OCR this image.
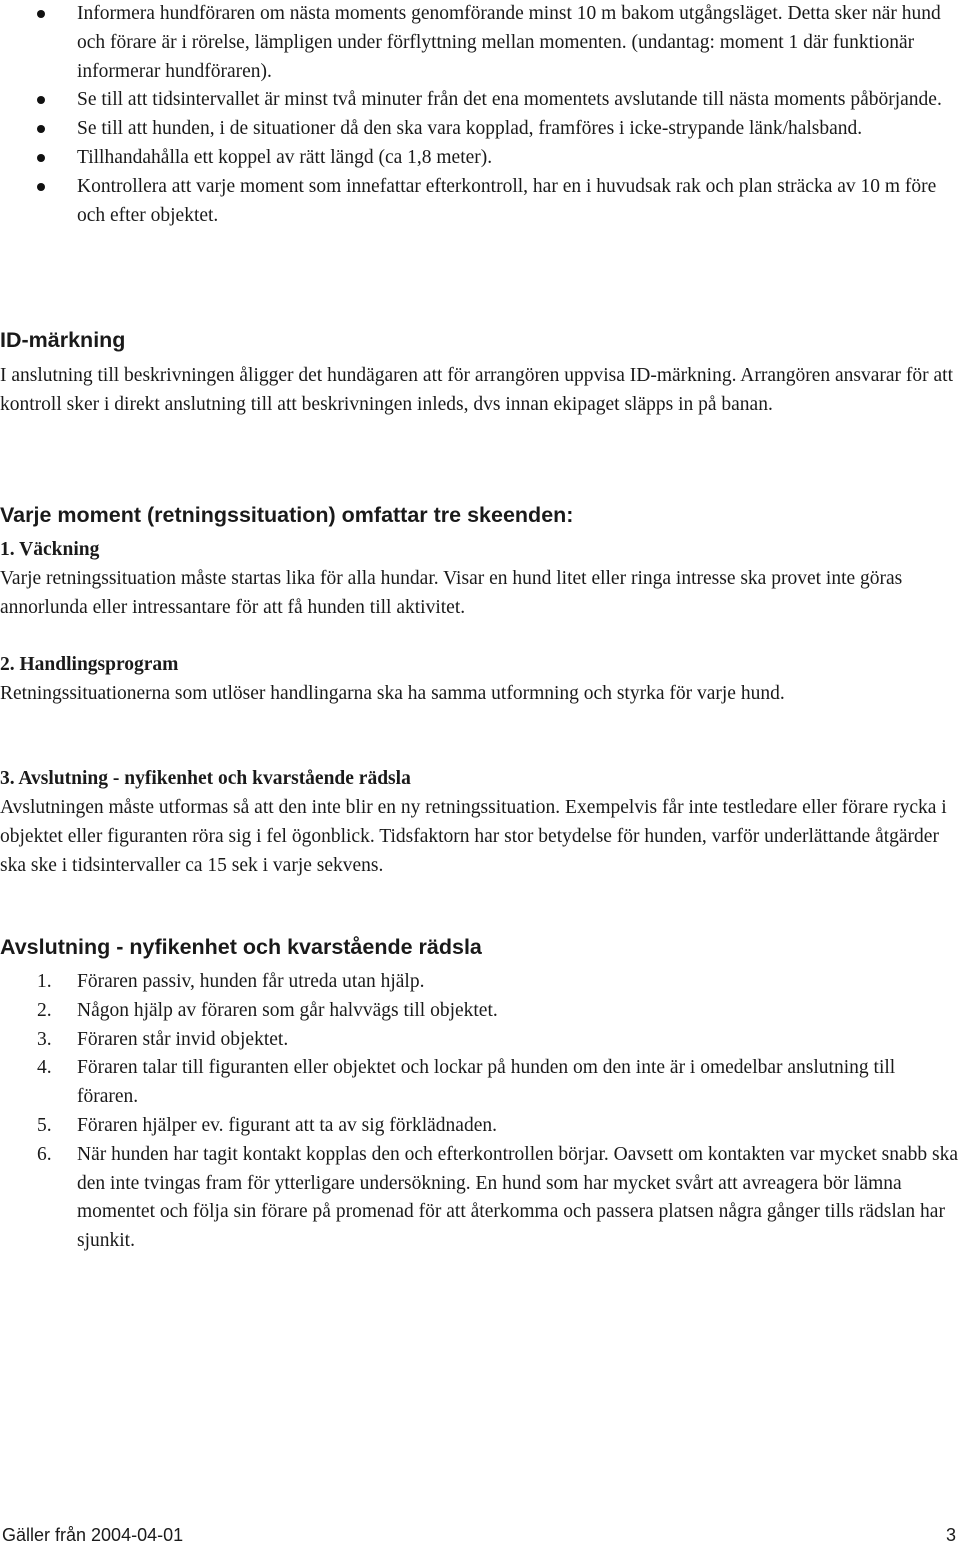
Informera hundföraren om nästa moments genomförande minst 10 m bakom utgångsläget. Detta sker när hund och förare är i rörelse, lämpligen under förflyttning mellan momenten. (undantag: moment 1 där funktionär informerar hundföraren).
Se till att tidsintervallet är minst två minuter från det ena momentets avslutande till nästa moments påbörjande.
Se till att hunden, i de situationer då den ska vara kopplad, framföres i icke-strypande länk/halsband.
Tillhandahålla ett koppel av rätt längd (ca 1,8 meter).
Kontrollera att varje moment som innefattar efterkontroll, har en i huvudsak rak och plan sträcka av 10 m före och efter objektet.
ID-märkning

I anslutning till beskrivningen åligger det hundägaren att för arrangören uppvisa ID-märkning. Arrangören ansvarar för att kontroll sker i direkt anslutning till att beskrivningen inleds, dvs innan ekipaget släpps in på banan.

Varje moment (retningssituation) omfattar tre skeenden:
1. Väckning

Varje retningssituation måste startas lika för alla hundar. Visar en hund litet eller ringa intresse ska provet inte göras annorlunda eller intressantare för att få hunden till aktivitet.

2. Handlingsprogram

Retningssituationerna som utlöser handlingarna ska ha samma utformning och styrka för varje hund.

3. Avslutning - nyfikenhet och kvarstående rädsla

Avslutningen måste utformas så att den inte blir en ny retningssituation. Exempelvis får inte testledare eller förare rycka i objektet eller figuranten röra sig i fel ögonblick. Tidsfaktorn har stor betydelse för hunden, varför underlättande åtgärder ska ske i tidsintervaller ca 15 sek i varje sekvens.

Avslutning - nyfikenhet och kvarstående rädsla
1. Föraren passiv, hunden får utreda utan hjälp.
2. Någon hjälp av föraren som går halvvägs till objektet.
3. Föraren står invid objektet.
4. Föraren talar till figuranten eller objektet och lockar på hunden om den inte är i omedelbar anslutning till föraren.
5. Föraren hjälper ev. figurant att ta av sig förklädnaden.
6. När hunden har tagit kontakt kopplas den och efterkontrollen börjar. Oavsett om kontakten var mycket snabb ska den inte tvingas fram för ytterligare undersökning. En hund som har mycket svårt att avreagera bör lämna momentet och följa sin förare på promenad för att återkomma och passera platsen några gånger tills rädslan har sjunkit.
Gäller från 2004-04-01	3
